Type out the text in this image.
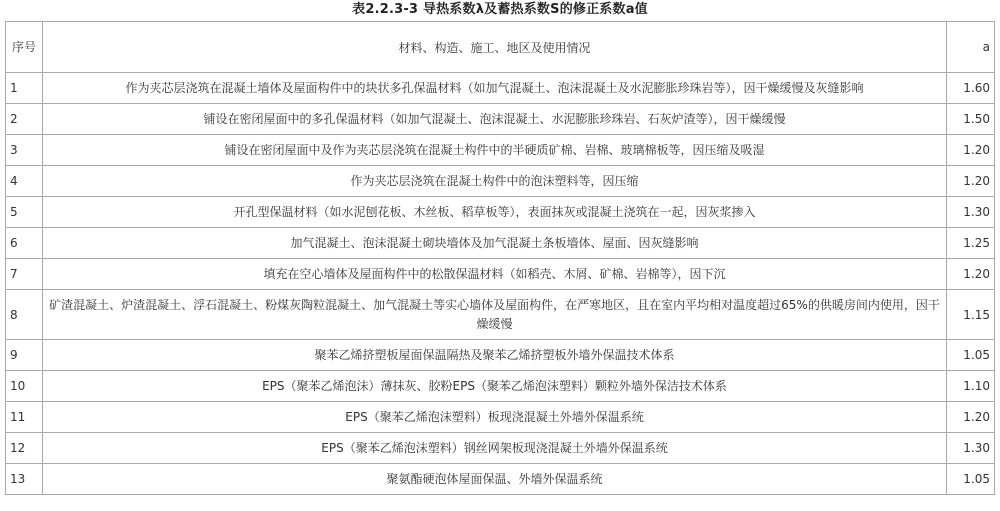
表2.2.3-3 导热系数λ及蓄热系数S的修正系数a值
序号	材料、构造、施工、地区及使用情况	a
1	作为夹芯层浇筑在混凝土墙体及屋面构件中的块状多孔保温材料（如加气混凝土、泡沫混凝土及水泥膨胀珍珠岩等），因干燥缓慢及灰缝影响	1.60
2	铺设在密闭屋面中的多孔保温材料（如加气混凝土、泡沫混凝土、水泥膨胀珍珠岩、石灰炉渣等），因干燥缓慢	1.50
3	铺设在密闭屋面中及作为夹芯层浇筑在混凝土构件中的半硬质矿棉、岩棉、玻璃棉板等，因压缩及吸湿	1.20
4	作为夹芯层浇筑在混凝土构件中的泡沫塑料等，因压缩	1.20
5	开孔型保温材料（如水泥刨花板、木丝板、稻草板等），表面抹灰或混凝土浇筑在一起，因灰浆掺入	1.30
6	加气混凝土、泡沫混凝土砌块墙体及加气混凝土条板墙体、屋面、因灰缝影响	1.25
7	填充在空心墙体及屋面构件中的松散保温材料（如稻壳、木屑、矿棉、岩棉等），因下沉	1.20
8	矿渣混凝土、炉渣混凝土、浮石混凝土、粉煤灰陶粒混凝土、加气混凝土等实心墙体及屋面构件，在严寒地区，且在室内平均相对温度超过65%的供暖房间内使用，因干燥缓慢	1.15
9	聚苯乙烯挤塑板屋面保温隔热及聚苯乙烯挤塑板外墙外保温技术体系	1.05
10	EPS（聚苯乙烯泡沫）薄抹灰、胶粉EPS（聚苯乙烯泡沫塑料）颗粒外墙外保洁技术体系	1.10
11	EPS（聚苯乙烯泡沫塑料）板现浇混凝土外墙外保温系统	1.20
12	EPS（聚苯乙烯泡沫塑料）钢丝网架板现浇混凝土外墙外保温系统	1.30
13	聚氨酯硬泡体屋面保温、外墙外保温系统	1.05
